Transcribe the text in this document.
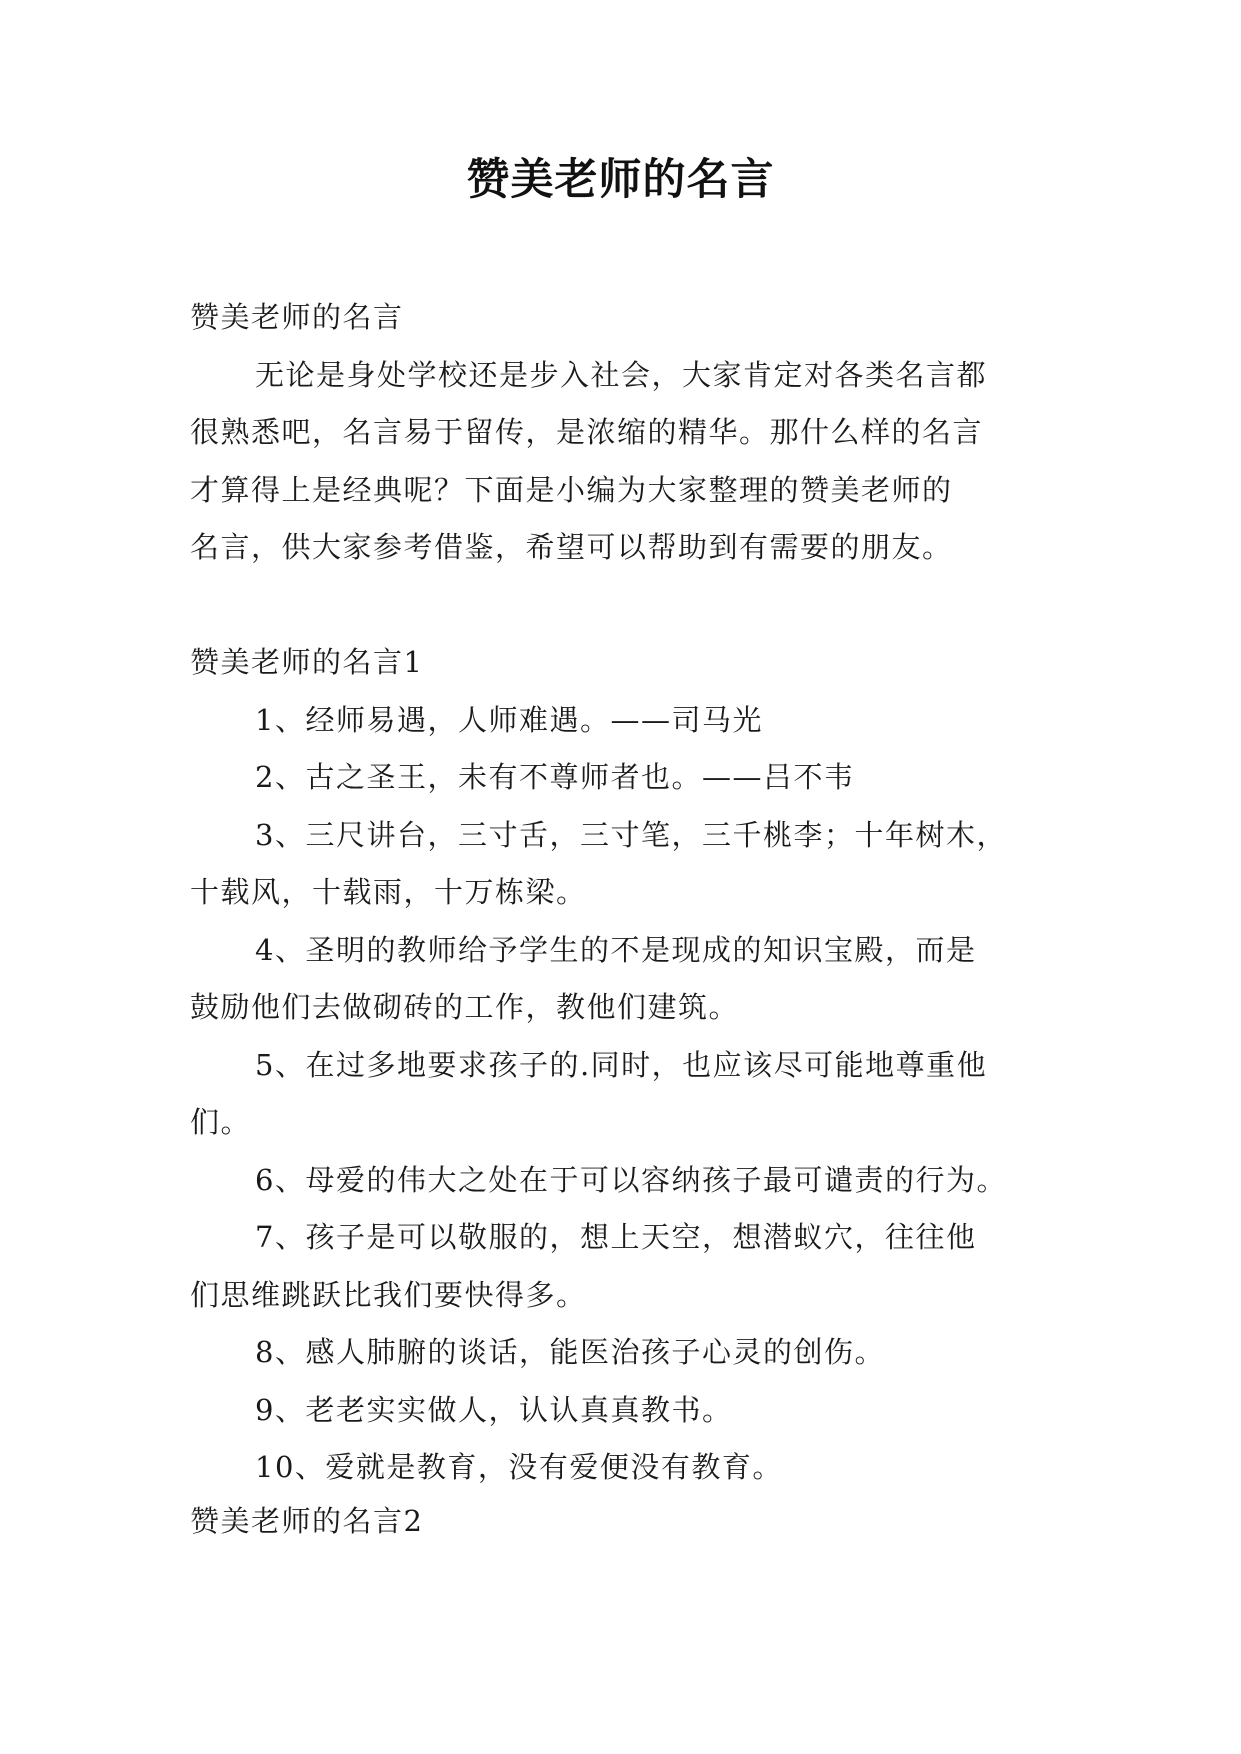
赞美老师的名言

赞美老师的名言

无论是身处学校还是步入社会，大家肯定对各类名言都

很熟悉吧，名言易于留传，是浓缩的精华。那什么样的名言

才算得上是经典呢？下面是小编为大家整理的赞美老师的

名言，供大家参考借鉴，希望可以帮助到有需要的朋友。

赞美老师的名言1

1、经师易遇，人师难遇。——司马光

2、古之圣王，未有不尊师者也。——吕不韦

3、三尺讲台，三寸舌，三寸笔，三千桃李；十年树木，

十载风，十载雨，十万栋梁。

4、圣明的教师给予学生的不是现成的知识宝殿，而是

鼓励他们去做砌砖的工作，教他们建筑。

5、在过多地要求孩子的.同时，也应该尽可能地尊重他

们。

6、母爱的伟大之处在于可以容纳孩子最可谴责的行为。

7、孩子是可以敬服的，想上天空，想潜蚁穴，往往他

们思维跳跃比我们要快得多。

8、感人肺腑的谈话，能医治孩子心灵的创伤。

9、老老实实做人，认认真真教书。

10、爱就是教育，没有爱便没有教育。

赞美老师的名言2
